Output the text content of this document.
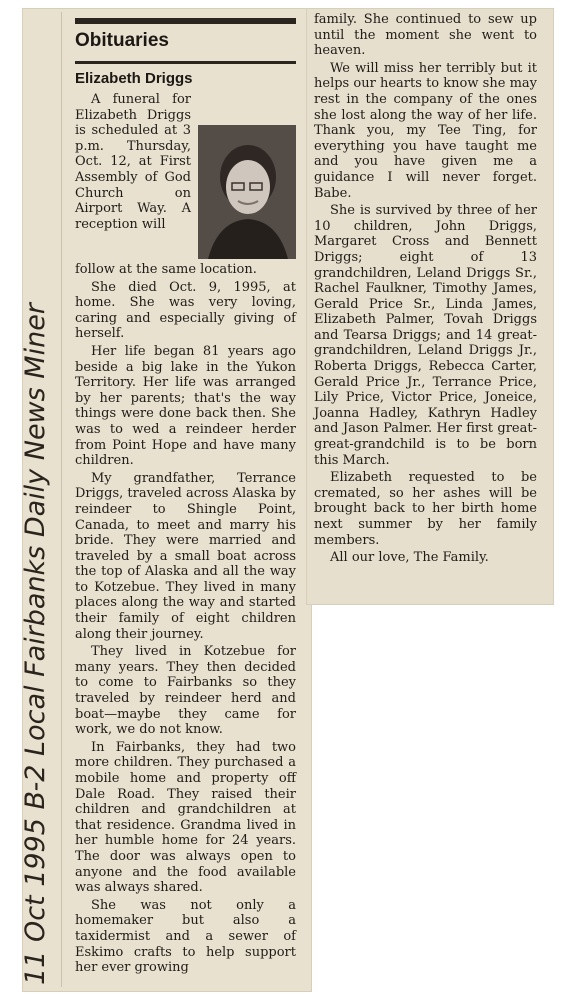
11 Oct 1995 B-2 Local Fairbanks Daily News Miner
Obituaries
Elizabeth Driggs

A funeral for Elizabeth Driggs is scheduled at 3 p.m. Thursday, Oct. 12, at First Assembly of God Church on Airport Way. A reception will

follow at the same location.

She died Oct. 9, 1995, at home. She was very loving, caring and especially giving of herself.

Her life began 81 years ago beside a big lake in the Yukon Territory. Her life was arranged by her parents; that's the way things were done back then. She was to wed a reindeer herder from Point Hope and have many children.

My grandfather, Terrance Driggs, traveled across Alaska by reindeer to Shingle Point, Canada, to meet and marry his bride. They were married and traveled by a small boat across the top of Alaska and all the way to Kotzebue. They lived in many places along the way and started their family of eight children along their journey.

They lived in Kotzebue for many years. They then decided to come to Fairbanks so they traveled by reindeer herd and boat—maybe they came for work, we do not know.

In Fairbanks, they had two more children. They purchased a mobile home and property off Dale Road. They raised their children and grandchildren at that residence. Grandma lived in her humble home for 24 years. The door was always open to anyone and the food available was always shared.

She was not only a homemaker but also a taxidermist and a sewer of Eskimo crafts to help support her ever growing

family. She continued to sew up until the moment she went to heaven.

We will miss her terribly but it helps our hearts to know she may rest in the company of the ones she lost along the way of her life. Thank you, my Tee Ting, for everything you have taught me and you have given me a guidance I will never forget. Babe.

She is survived by three of her 10 children, John Driggs, Margaret Cross and Bennett Driggs; eight of 13 grandchildren, Leland Driggs Sr., Rachel Faulkner, Timothy James, Gerald Price Sr., Linda James, Elizabeth Palmer, Tovah Driggs and Tearsa Driggs; and 14 great-grandchildren, Leland Driggs Jr., Roberta Driggs, Rebecca Carter, Gerald Price Jr., Terrance Price, Lily Price, Victor Price, Joneice, Joanna Hadley, Kathryn Hadley and Jason Palmer. Her first great-great-grandchild is to be born this March.

Elizabeth requested to be cremated, so her ashes will be brought back to her birth home next summer by her family members.

All our love, The Family.
